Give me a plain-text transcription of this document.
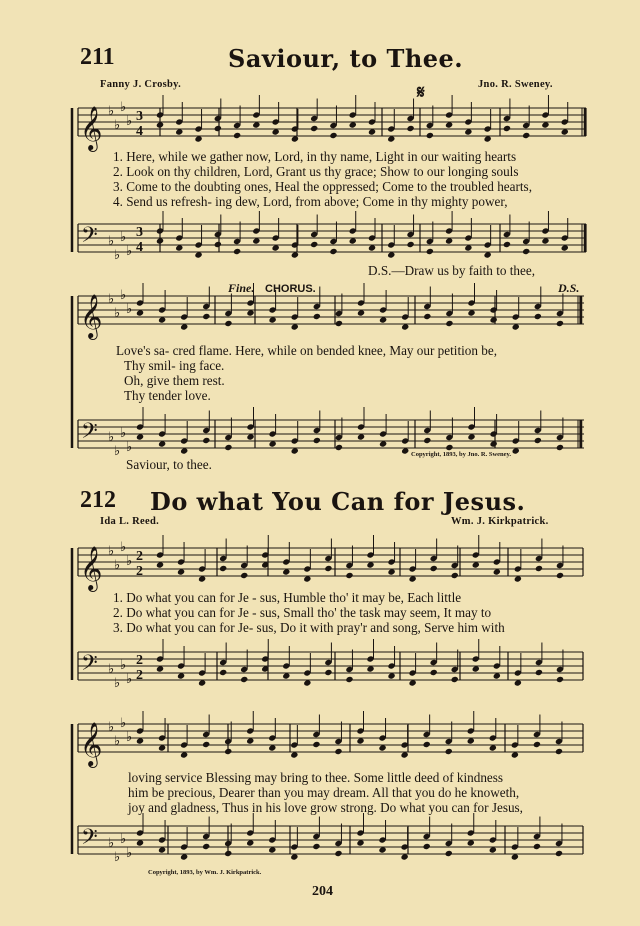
211	Saviour, to Thee.
Fanny J. Crosby.	Jno. R. Sweney.
𝄋
𝄞 ♭
♭
♭
♭ 3
4
𝄢 ♭
♭
♭
♭
3
4
𝄞 ♭
♭
♭
♭
𝄢 ♭
♭
♭
♭
𝄞 ♭
♭
♭
♭ 2
2
𝄢 ♭
♭
♭
♭
2
2
𝄞 ♭
♭
♭
♭
𝄢 ♭
♭
♭
♭
1. Here, while we gather now, Lord, in thy name, Light in our waiting hearts
2. Look on thy children, Lord, Grant us thy grace; Show to our longing souls
3. Come to the doubting ones, Heal the oppressed; Come to the troubled hearts,
4. Send us refresh- ing dew, Lord, from above; Come in thy mighty power,
D.S.—Draw us by faith to thee,
Fine. CHORUS.	D.S.
Love's sa- cred flame. Here, while on bended knee, May our petition be,
Thy smil- ing face.
Oh, give them rest.
Thy tender love.
Saviour, to thee.
Copyright, 1893, by Jno. R. Sweney.
212 Do what You Can for Jesus.
Ida L. Reed.	Wm. J. Kirkpatrick.
1. Do what you can for Je - sus, Humble tho' it may be, Each little
2. Do what you can for Je - sus, Small tho' the task may seem, It may to
3. Do what you can for Je- sus, Do it with pray'r and song, Serve him with
loving service Blessing may bring to thee. Some little deed of kindness
him be precious, Dearer than you may dream. All that you do he knoweth,
joy and gladness, Thus in his love grow strong. Do what you can for Jesus,
Copyright, 1893, by Wm. J. Kirkpatrick.
204
